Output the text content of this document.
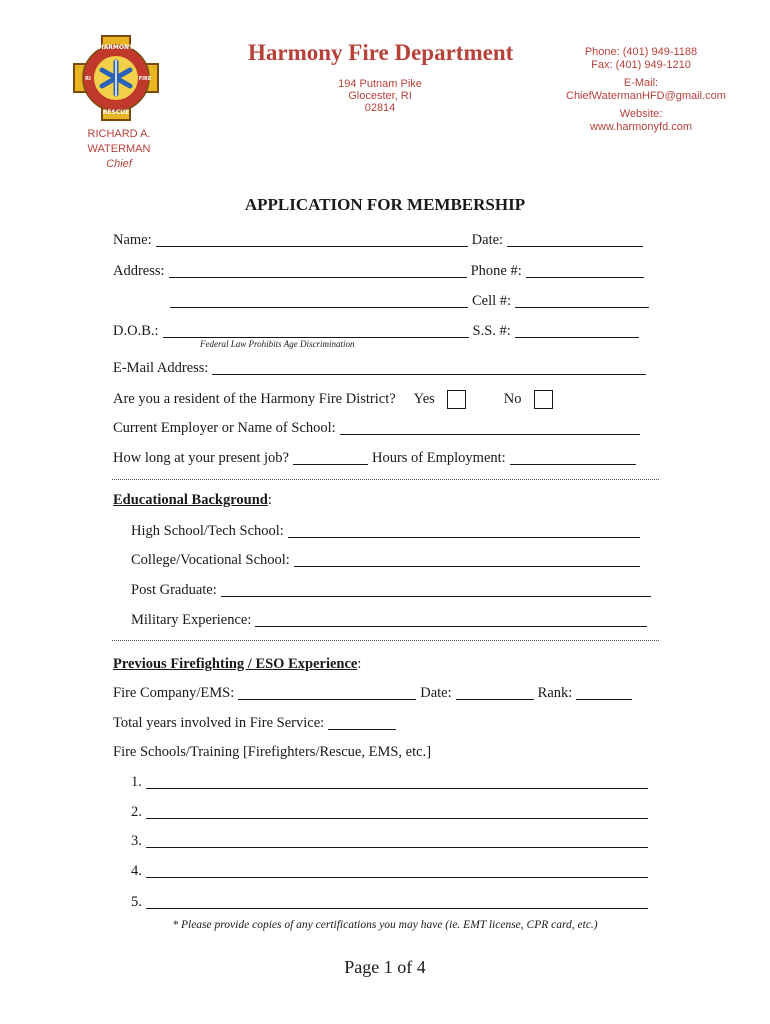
HARMONY
RESCUE
FIRE
RI
Harmony Fire Department
194 Putnam Pike
Glocester, RI 02814
Phone: (401) 949-1188
Fax: (401) 949-1210
E-Mail:
ChiefWatermanHFD@gmail.com
Website:
www.harmonyfd.com
RICHARD A. WATERMAN
Chief
APPLICATION FOR MEMBERSHIP
Name:	Date:
Address:	Phone #:
Cell #:
D.O.B.:	S.S. #:
Federal Law Prohibits Age Discrimination
E-Mail Address:
Are you a resident of the Harmony Fire District? Yes	No
Current Employer or Name of School:
How long at your present job?	Hours of Employment:
Educational Background :
High School/Tech School:
College/Vocational School:
Post Graduate:
Military Experience:
Previous Firefighting / ESO Experience :
Fire Company/EMS:	Date:	Rank:
Total years involved in Fire Service:
Fire Schools/Training [Firefighters/Rescue, EMS, etc.]
1.
2.
3.
4.
5.
* Please provide copies of any certifications you may have (ie. EMT license, CPR card, etc.)
Page 1 of 4
